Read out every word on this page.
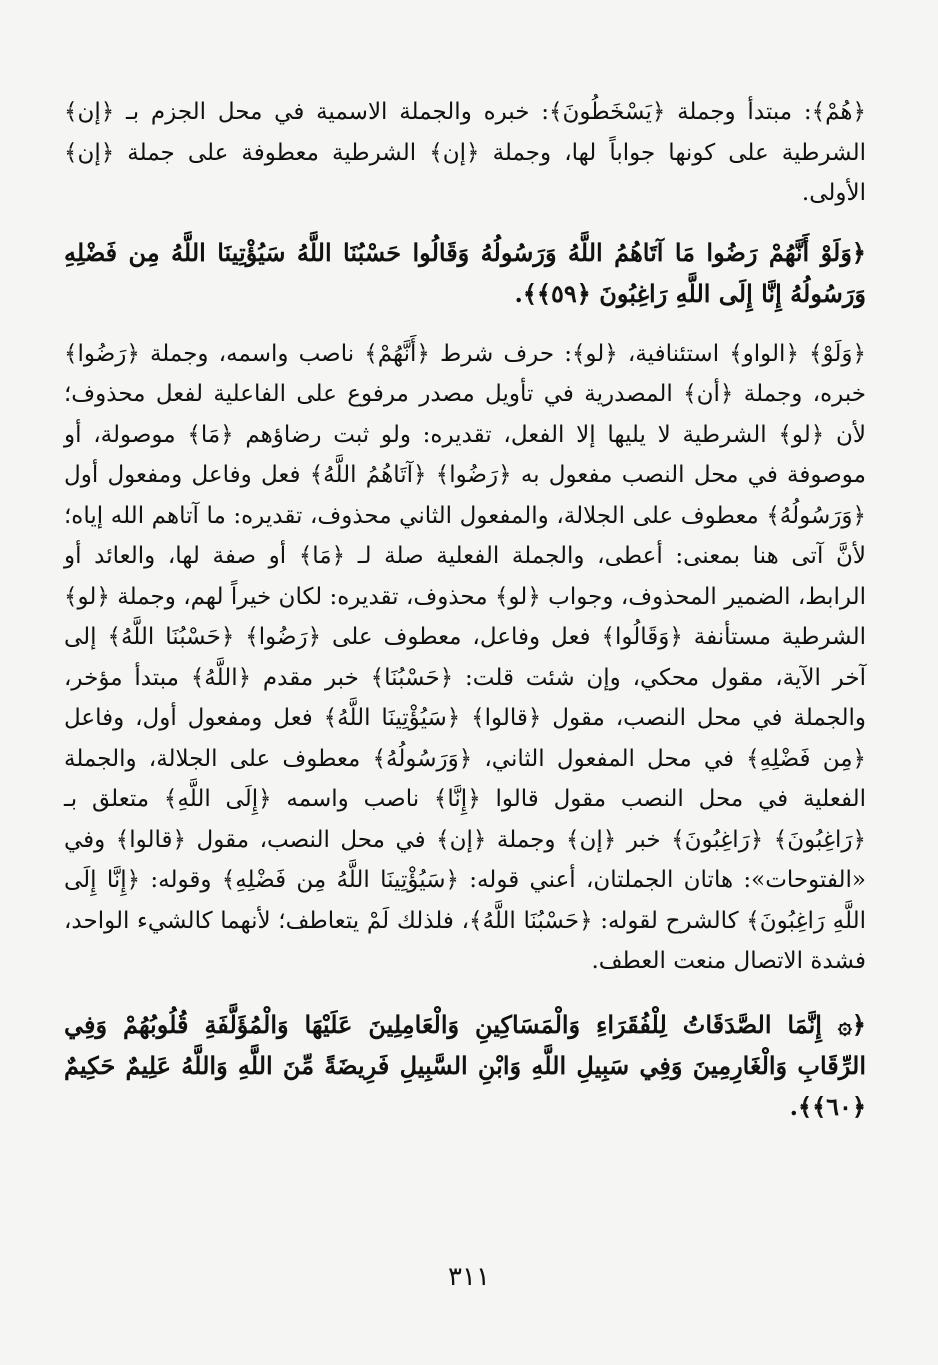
﴿هُمْ﴾: مبتدأ وجملة ﴿يَسْخَطُونَ﴾: خبره والجملة الاسمية في محل الجزم بـ ﴿إن﴾ الشرطية على كونها جواباً لها، وجملة ﴿إن﴾ الشرطية معطوفة على جملة ﴿إن﴾ الأولى.

﴿وَلَوْ أَنَّهُمْ رَضُوا مَا آتَاهُمُ اللَّهُ وَرَسُولُهُ وَقَالُوا حَسْبُنَا اللَّهُ سَيُؤْتِينَا اللَّهُ مِن فَضْلِهِ وَرَسُولُهُ إِنَّا إِلَى اللَّهِ رَاغِبُونَ ﴿٥٩﴾﴾.

﴿وَلَوْ﴾ ﴿الواو﴾ استئنافية، ﴿لو﴾: حرف شرط ﴿أَنَّهُمْ﴾ ناصب واسمه، وجملة ﴿رَضُوا﴾ خبره، وجملة ﴿أن﴾ المصدرية في تأويل مصدر مرفوع على الفاعلية لفعل محذوف؛ لأن ﴿لو﴾ الشرطية لا يليها إلا الفعل، تقديره: ولو ثبت رضاؤهم ﴿مَا﴾ موصولة، أو موصوفة في محل النصب مفعول به ﴿رَضُوا﴾ ﴿آتَاهُمُ اللَّهُ﴾ فعل وفاعل ومفعول أول ﴿وَرَسُولُهُ﴾ معطوف على الجلالة، والمفعول الثاني محذوف، تقديره: ما آتاهم الله إياه؛ لأنَّ آتى هنا بمعنى: أعطى، والجملة الفعلية صلة لـ ﴿مَا﴾ أو صفة لها، والعائد أو الرابط، الضمير المحذوف، وجواب ﴿لو﴾ محذوف، تقديره: لكان خيراً لهم، وجملة ﴿لو﴾ الشرطية مستأنفة ﴿وَقَالُوا﴾ فعل وفاعل، معطوف على ﴿رَضُوا﴾ ﴿حَسْبُنَا اللَّهُ﴾ إلى آخر الآية، مقول محكي، وإن شئت قلت: ﴿حَسْبُنَا﴾ خبر مقدم ﴿اللَّهُ﴾ مبتدأ مؤخر، والجملة في محل النصب، مقول ﴿قالوا﴾ ﴿سَيُؤْتِينَا اللَّهُ﴾ فعل ومفعول أول، وفاعل ﴿مِن فَضْلِهِ﴾ في محل المفعول الثاني، ﴿وَرَسُولُهُ﴾ معطوف على الجلالة، والجملة الفعلية في محل النصب مقول قالوا ﴿إِنَّا﴾ ناصب واسمه ﴿إِلَى اللَّهِ﴾ متعلق بـ ﴿رَاغِبُونَ﴾ ﴿رَاغِبُونَ﴾ خبر ﴿إن﴾ وجملة ﴿إن﴾ في محل النصب، مقول ﴿قالوا﴾ وفي «الفتوحات»: هاتان الجملتان، أعني قوله: ﴿سَيُؤْتِينَا اللَّهُ مِن فَضْلِهِ﴾ وقوله: ﴿إِنَّا إِلَى اللَّهِ رَاغِبُونَ﴾ كالشرح لقوله: ﴿حَسْبُنَا اللَّهُ﴾، فلذلك لَمْ يتعاطف؛ لأنهما كالشيء الواحد، فشدة الاتصال منعت العطف.

﴿۞ إِنَّمَا الصَّدَقَاتُ لِلْفُقَرَاءِ وَالْمَسَاكِينِ وَالْعَامِلِينَ عَلَيْهَا وَالْمُؤَلَّفَةِ قُلُوبُهُمْ وَفِي الرِّقَابِ وَالْغَارِمِينَ وَفِي سَبِيلِ اللَّهِ وَابْنِ السَّبِيلِ فَرِيضَةً مِّنَ اللَّهِ وَاللَّهُ عَلِيمٌ حَكِيمٌ ﴿٦٠﴾﴾.

٣١١
